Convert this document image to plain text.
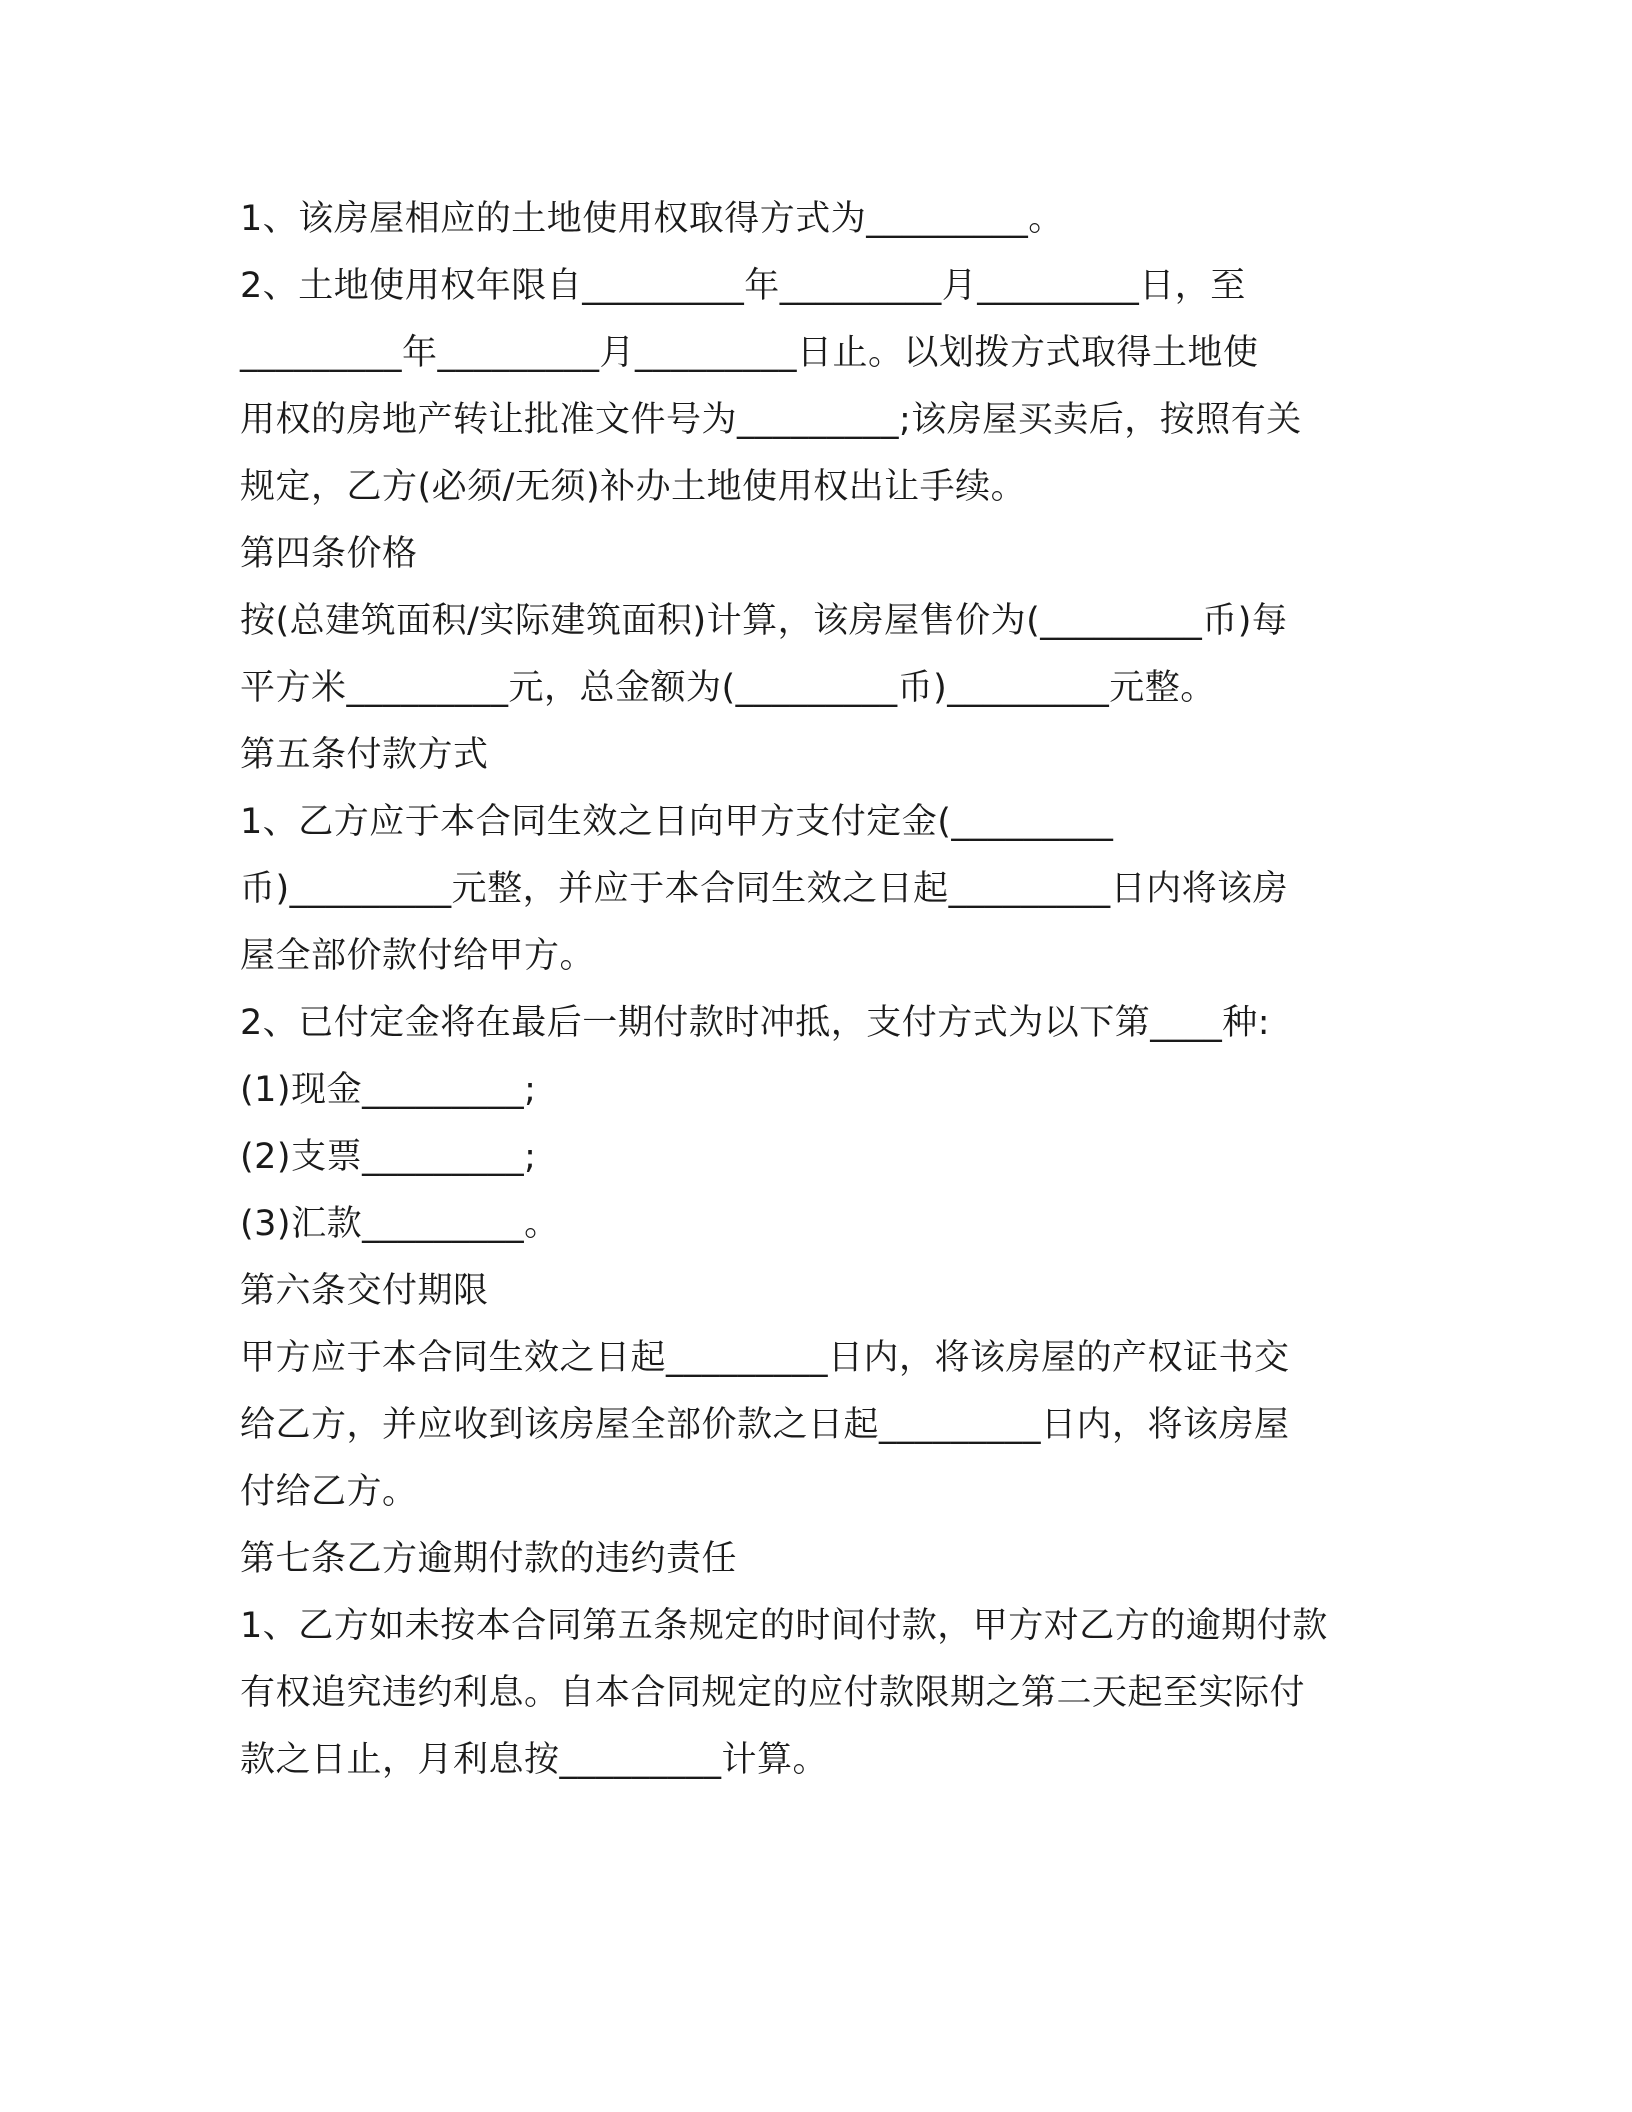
1、该房屋相应的土地使用权取得方式为_________。
2、土地使用权年限自_________年_________月_________日，至
_________年_________月_________日止。以划拨方式取得土地使
用权的房地产转让批准文件号为_________;该房屋买卖后，按照有关
规定，乙方(必须/无须)补办土地使用权出让手续。
第四条价格
按(总建筑面积/实际建筑面积)计算，该房屋售价为(_________币)每
平方米_________元，总金额为(_________币)_________元整。
第五条付款方式
1、乙方应于本合同生效之日向甲方支付定金(_________
币)_________元整，并应于本合同生效之日起_________日内将该房
屋全部价款付给甲方。
2、已付定金将在最后一期付款时冲抵，支付方式为以下第____种:
(1)现金_________;
(2)支票_________;
(3)汇款_________。
第六条交付期限
甲方应于本合同生效之日起_________日内，将该房屋的产权证书交
给乙方，并应收到该房屋全部价款之日起_________日内，将该房屋
付给乙方。
第七条乙方逾期付款的违约责任
1、乙方如未按本合同第五条规定的时间付款，甲方对乙方的逾期付款
有权追究违约利息。自本合同规定的应付款限期之第二天起至实际付
款之日止，月利息按_________计算。
